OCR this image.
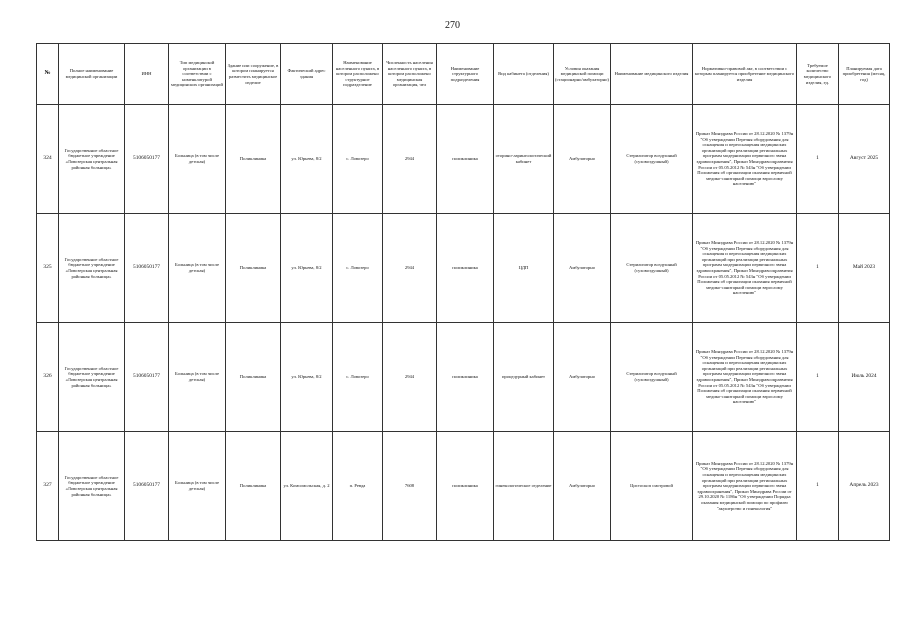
270
№	Полное наименование медицинской организации	ИНН	Тип медицинской организации в соответствии с номенклатурой медицинских организаций	Здание или сооружение, в котором планируется разместить медицинское изделие	Фактический адрес здания	Наименование населенного пункта, в котором расположено структурное подразделение	Численность населения населенного пункта, в котором расположено медицинская организация, чел	Наименование структурного подразделения	Вид кабинета (отделения)	Условия оказания медицинской помощи (стационарно/амбулаторно)	Наименование медицинского изделия	Нормативно-правовой акт, в соответствии с которым планируется приобретение медицинского изделия	Требуемое количество медицинского изделия, ед.	Планируемая дата приобретения (месяц, год)
324	Государственное областное бюджетное учреждение «Ловозерская центральная районная больница»	5106050177	Больница (в том числе детская)	Поликлиника	ул. Юрьева, 8/2	с. Ловозеро	2944	поликлиника	оторино-ларингологический кабинет	Амбулаторно	Стерилизатор воздушный (суховоздушный)	Приказ Минздрава России от 28.12.2020 № 1379н "Об утверждении Перечня оборудования для оснащения и переоснащения медицинских организаций при реализации региональных программ модернизации первичного звена здравоохранения", Приказ Минздравсоцразвития России от 05.05.2012 № 543н "Об утверждении Положения об организации оказания первичной медико-санитарной помощи взрослому населению"	1	Август 2025
325	Государственное областное бюджетное учреждение «Ловозерская центральная районная больница»	5106050177	Больница (в том числе детская)	Поликлиника	ул. Юрьева, 8/2	с. Ловозеро	2944	поликлиника	ЦДП	Амбулаторно	Стерилизатор воздушный (суховоздушный)	Приказ Минздрава России от 28.12.2020 № 1379н "Об утверждении Перечня оборудования для оснащения и переоснащения медицинских организаций при реализации региональных программ модернизации первичного звена здравоохранения", Приказ Минздравсоцразвития России от 05.05.2012 № 543н "Об утверждении Положения об организации оказания первичной медико-санитарной помощи взрослому населению"	1	Май 2023
326	Государственное областное бюджетное учреждение «Ловозерская центральная районная больница»	5106050177	Больница (в том числе детская)	Поликлиника	ул. Юрьева, 8/2	с. Ловозеро	2944	поликлиника	процедурный кабинет	Амбулаторно	Стерилизатор воздушный (суховоздушный)	Приказ Минздрава России от 28.12.2020 № 1379н "Об утверждении Перечня оборудования для оснащения и переоснащения медицинских организаций при реализации региональных программ модернизации первичного звена здравоохранения", Приказ Минздравсоцразвития России от 05.05.2012 № 543н "Об утверждении Положения об организации оказания первичной медико-санитарной помощи взрослому населению"	1	Июль 2024
327	Государственное областное бюджетное учреждение «Ловозерская центральная районная больница»	5106050177	Больница (в том числе детская)	Поликлиника	ул. Комсомольская, д. 2	п. Ревда	7608	поликлиника	гинекологическое отделение	Амбулаторно	Цистоскоп смотровой	Приказ Минздрава России от 28.12.2020 № 1379н "Об утверждении Перечня оборудования для оснащения и переоснащения медицинских организаций при реализации региональных программ модернизации первичного звена здравоохранения", Приказ Минздрава России от 29.10.2020 № 1186н "Об утверждении Порядка оказания медицинской помощи по профилю "акушерство и гинекология"	1	Апрель 2023
